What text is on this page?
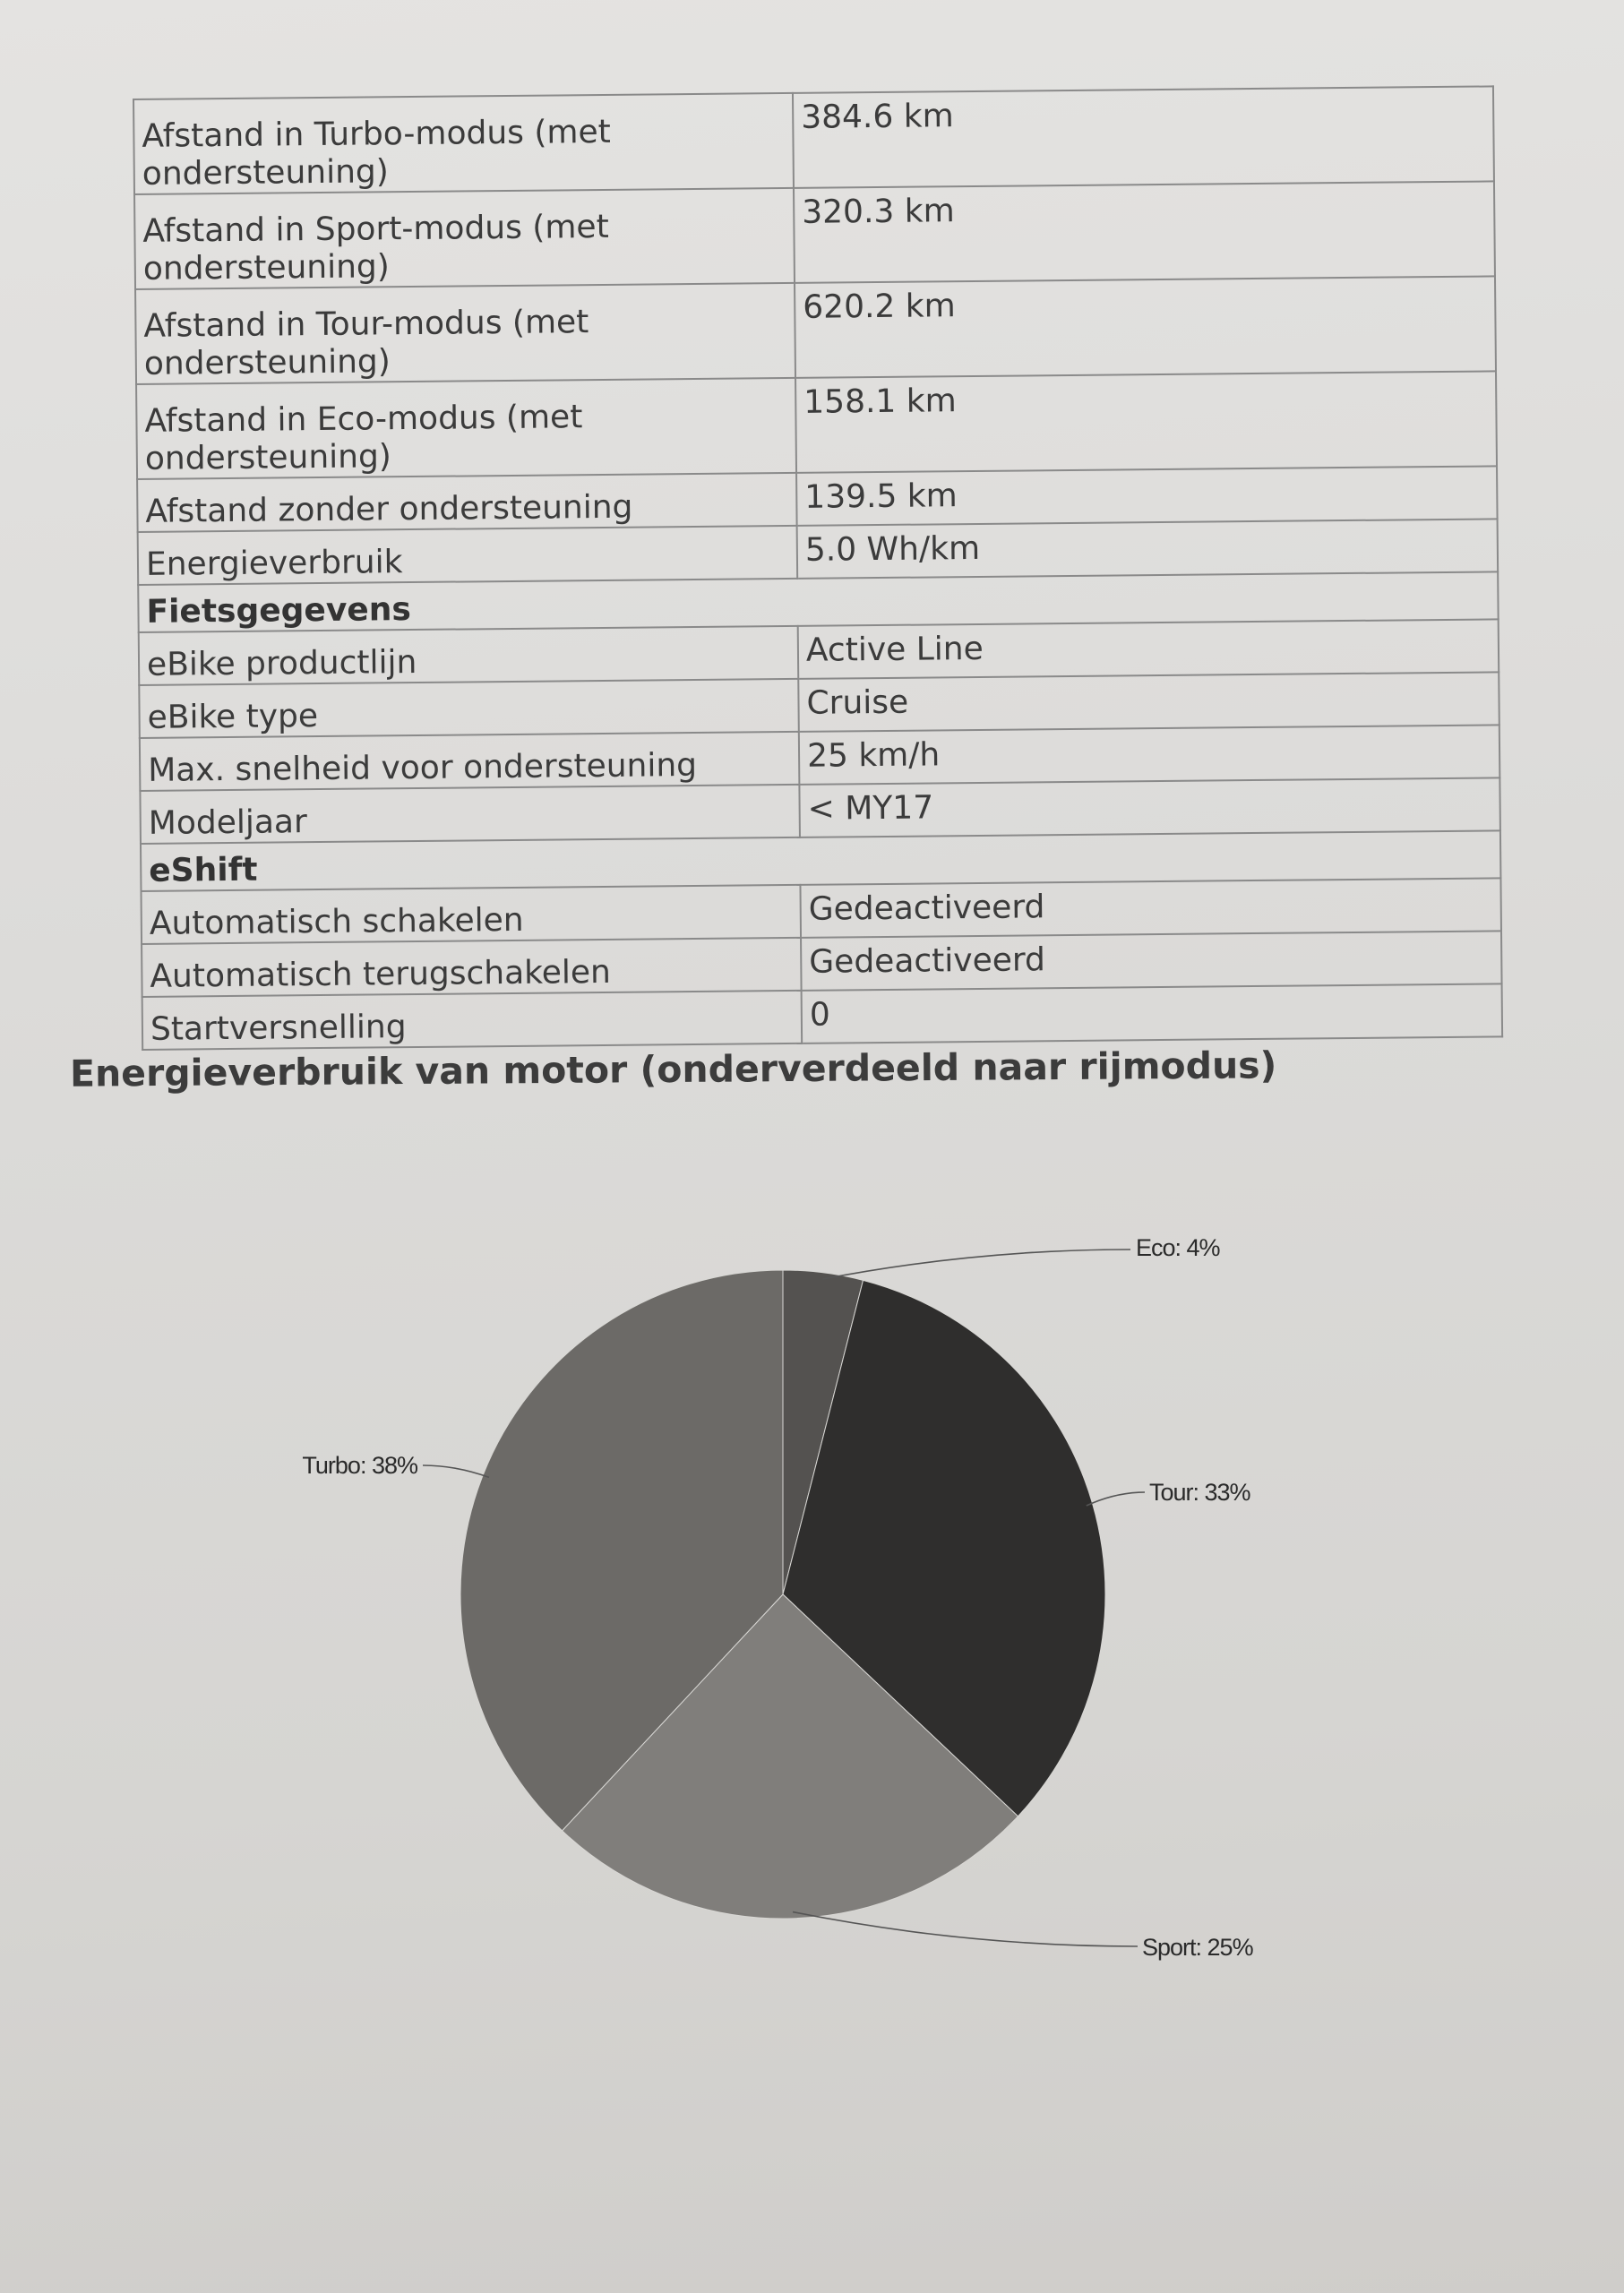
Afstand in Turbo-modus (met ondersteuning)	384.6 km
Afstand in Sport-modus (met ondersteuning)	320.3 km
Afstand in Tour-modus (met ondersteuning)	620.2 km
Afstand in Eco-modus (met ondersteuning)	158.1 km
Afstand zonder ondersteuning	139.5 km
Energieverbruik	5.0 Wh/km
Fietsgegevens	
eBike productlijn	Active Line
eBike type	Cruise
Max. snelheid voor ondersteuning	25 km/h
Modeljaar	< MY17
eShift	
Automatisch schakelen	Gedeactiveerd
Automatisch terugschakelen	Gedeactiveerd
Startversnelling	0
Energieverbruik van motor (onderverdeeld naar rijmodus)
Eco: 4%
Tour: 33%
Sport: 25%
Turbo: 38%
